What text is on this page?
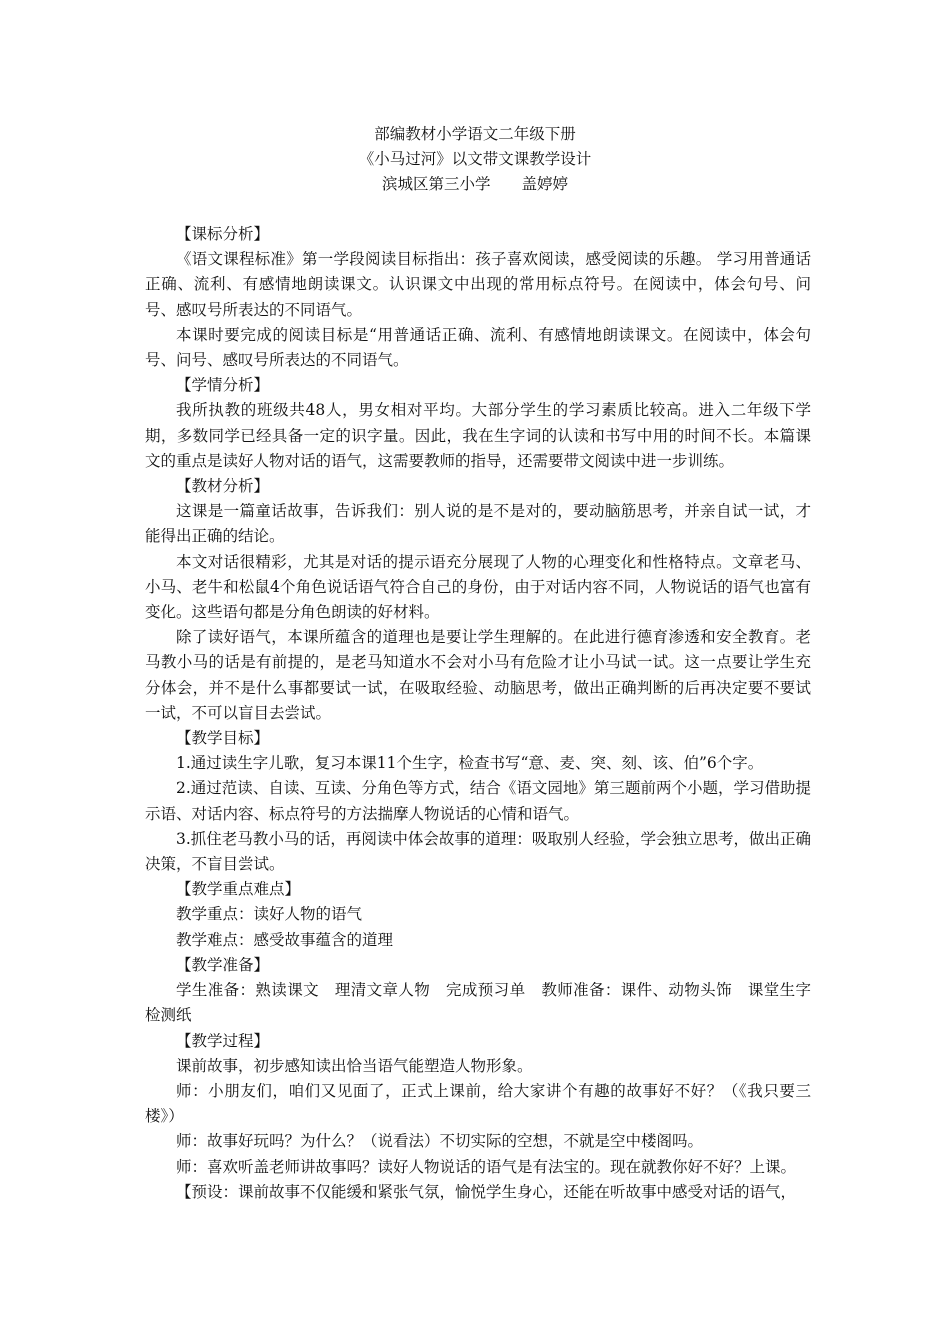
部编教材小学语文二年级下册
《小马过河》以文带文课教学设计
滨城区第三小学　　盖婷婷

【课标分析】

《语文课程标准》第一学段阅读目标指出：孩子喜欢阅读，感受阅读的乐趣。 学习用普通话正确、流利、有感情地朗读课文。认识课文中出现的常用标点符号。在阅读中，体会句号、问号、感叹号所表达的不同语气。

本课时要完成的阅读目标是“用普通话正确、流利、有感情地朗读课文。在阅读中，体会句号、问号、感叹号所表达的不同语气。

【学情分析】

我所执教的班级共48人，男女相对平均。大部分学生的学习素质比较高。进入二年级下学期，多数同学已经具备一定的识字量。因此，我在生字词的认读和书写中用的时间不长。本篇课文的重点是读好人物对话的语气，这需要教师的指导，还需要带文阅读中进一步训练。

【教材分析】

这课是一篇童话故事，告诉我们：别人说的是不是对的，要动脑筋思考，并亲自试一试，才能得出正确的结论。

本文对话很精彩，尤其是对话的提示语充分展现了人物的心理变化和性格特点。文章老马、小马、老牛和松鼠4个角色说话语气符合自己的身份，由于对话内容不同，人物说话的语气也富有变化。这些语句都是分角色朗读的好材料。

除了读好语气，本课所蕴含的道理也是要让学生理解的。在此进行德育渗透和安全教育。老马教小马的话是有前提的，是老马知道水不会对小马有危险才让小马试一试。这一点要让学生充分体会，并不是什么事都要试一试，在吸取经验、动脑思考，做出正确判断的后再决定要不要试一试，不可以盲目去尝试。

【教学目标】

1.通过读生字儿歌，复习本课11个生字，检查书写“意、麦、突、刻、该、伯”6个字。

2.通过范读、自读、互读、分角色等方式，结合《语文园地》第三题前两个小题，学习借助提示语、对话内容、标点符号的方法揣摩人物说话的心情和语气。

3.抓住老马教小马的话，再阅读中体会故事的道理：吸取别人经验，学会独立思考，做出正确决策，不盲目尝试。

【教学重点难点】

教学重点：读好人物的语气

教学难点：感受故事蕴含的道理

【教学准备】

学生准备：熟读课文　理清文章人物　完成预习单　教师准备：课件、动物头饰　课堂生字检测纸

【教学过程】

课前故事，初步感知读出恰当语气能塑造人物形象。

师：小朋友们，咱们又见面了，正式上课前，给大家讲个有趣的故事好不好？（《我只要三楼》）

师：故事好玩吗？为什么？（说看法）不切实际的空想，不就是空中楼阁吗。

师：喜欢听盖老师讲故事吗？读好人物说话的语气是有法宝的。现在就教你好不好？上课。

【预设：课前故事不仅能缓和紧张气氛，愉悦学生身心，还能在听故事中感受对话的语气，
